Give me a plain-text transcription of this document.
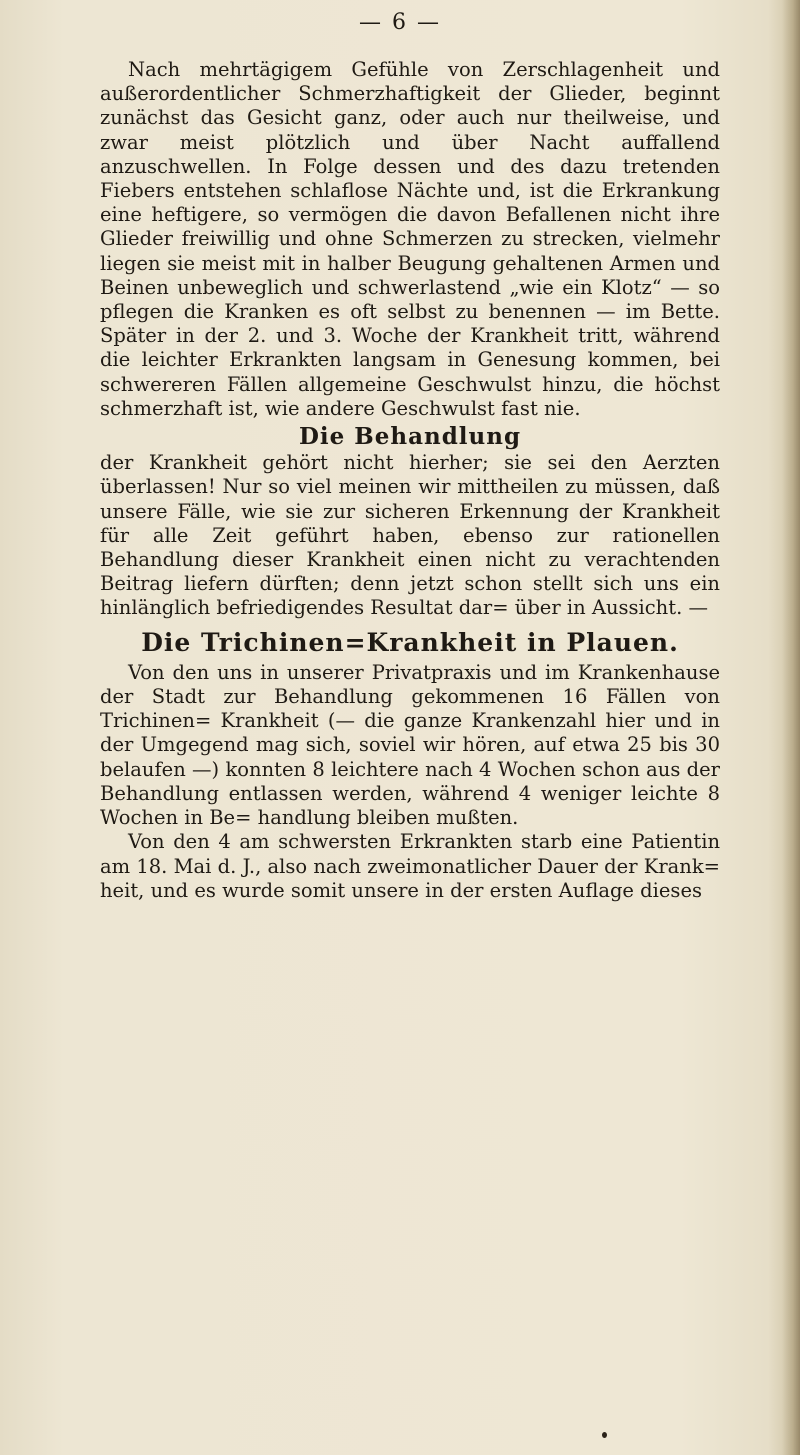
— 6 —

Nach mehrtägigem Gefühle von Zerschlagenheit und außerordentlicher Schmerzhaftigkeit der Glieder, beginnt zunächst das Gesicht ganz, oder auch nur theilweise, und zwar meist plötzlich und über Nacht auffallend anzuschwellen. In Folge dessen und des dazu tretenden Fiebers entstehen schlaflose Nächte und, ist die Erkrankung eine heftigere, so vermögen die davon Befallenen nicht ihre Glieder freiwillig und ohne Schmerzen zu strecken, vielmehr liegen sie meist mit in halber Beugung gehaltenen Armen und Beinen unbeweglich und schwerlastend „wie ein Klotz“ — so pflegen die Kranken es oft selbst zu benennen — im Bette. Später in der 2. und 3. Woche der Krankheit tritt, während die leichter Erkrankten langsam in Genesung kommen, bei schwereren Fällen allgemeine Geschwulst hinzu, die höchst schmerzhaft ist, wie andere Geschwulst fast nie.

Die Behandlung

der Krankheit gehört nicht hierher; sie sei den Aerzten überlassen! Nur so viel meinen wir mittheilen zu müssen, daß unsere Fälle, wie sie zur sicheren Erkennung der Krankheit für alle Zeit geführt haben, ebenso zur rationellen Behandlung dieser Krankheit einen nicht zu verachtenden Beitrag liefern dürften; denn jetzt schon stellt sich uns ein hinlänglich befriedigendes Resultat dar= über in Aussicht. —

Die Trichinen=Krankheit in Plauen.

Von den uns in unserer Privatpraxis und im Krankenhause der Stadt zur Behandlung gekommenen 16 Fällen von Trichinen= Krankheit (— die ganze Krankenzahl hier und in der Umgegend mag sich, soviel wir hören, auf etwa 25 bis 30 belaufen —) konnten 8 leichtere nach 4 Wochen schon aus der Behandlung entlassen werden, während 4 weniger leichte 8 Wochen in Be= handlung bleiben mußten.

Von den 4 am schwersten Erkrankten starb eine Patientin am 18. Mai d. J., also nach zweimonatlicher Dauer der Krank= heit, und es wurde somit unsere in der ersten Auflage dieses
